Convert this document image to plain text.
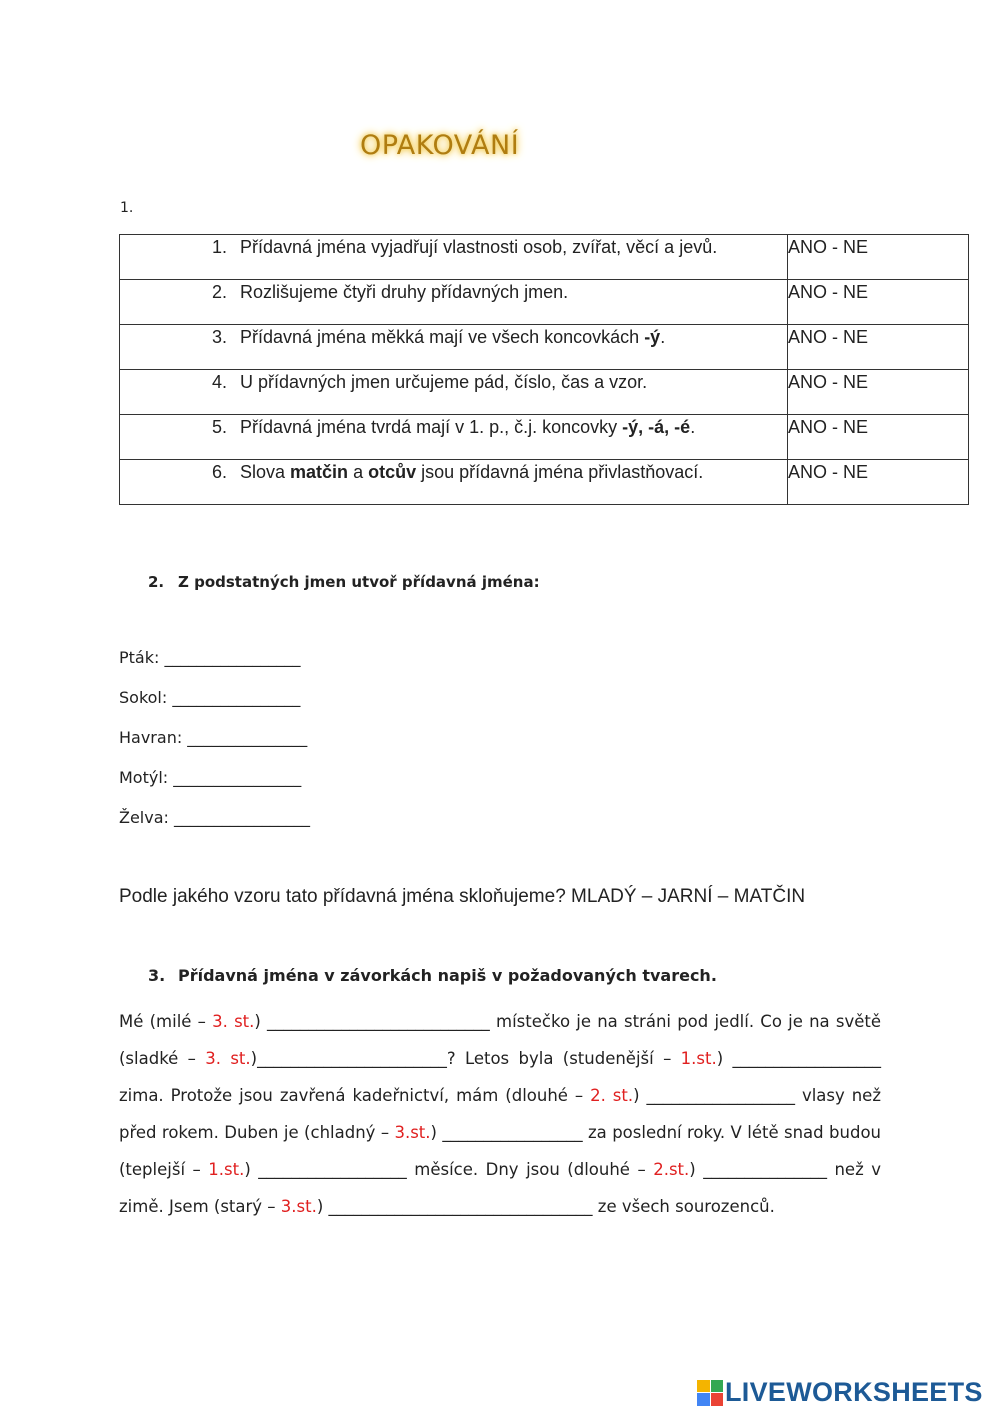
OPAKOVÁNÍ
1.
1. Přídavná jména vyjadřují vlastnosti osob, zvířat, věcí a jevů.	ANO - NE
2. Rozlišujeme čtyři druhy přídavných jmen.	ANO - NE
3. Přídavná jména měkká mají ve všech koncovkách -ý.	ANO - NE
4. U přídavných jmen určujeme pád, číslo, čas a vzor.	ANO - NE
5. Přídavná jména tvrdá mají v 1. p., č.j. koncovky -ý, -á, -é.	ANO - NE
6. Slova matčin a otcův jsou přídavná jména přivlastňovací.	ANO - NE
2. Z podstatných jmen utvoř přídavná jména:
Pták: _________________
Sokol: ________________
Havran: _______________
Motýl: ________________
Želva: _________________
Podle jakého vzoru tato přídavná jména skloňujeme? MLADÝ – JARNÍ – MATČIN
3. Přídavná jména v závorkách napiš v požadovaných tvarech.
Mé (milé – 3. st.) ___________________________ místečko je na stráni pod jedlí. Co je na světě (sladké – 3. st.)_______________________? Letos byla (studenější – 1.st.) __________________ zima. Protože jsou zavřená kadeřnictví, mám (dlouhé – 2. st.) __________________ vlasy než před rokem. Duben je (chladný – 3.st.) _________________ za poslední roky. V létě snad budou (teplejší – 1.st.) __________________ měsíce. Dny jsou (dlouhé – 2.st.) _______________ než v zimě. Jsem (starý – 3.st.) ________________________________ ze všech sourozenců.
LIVEWORKSHEETS
